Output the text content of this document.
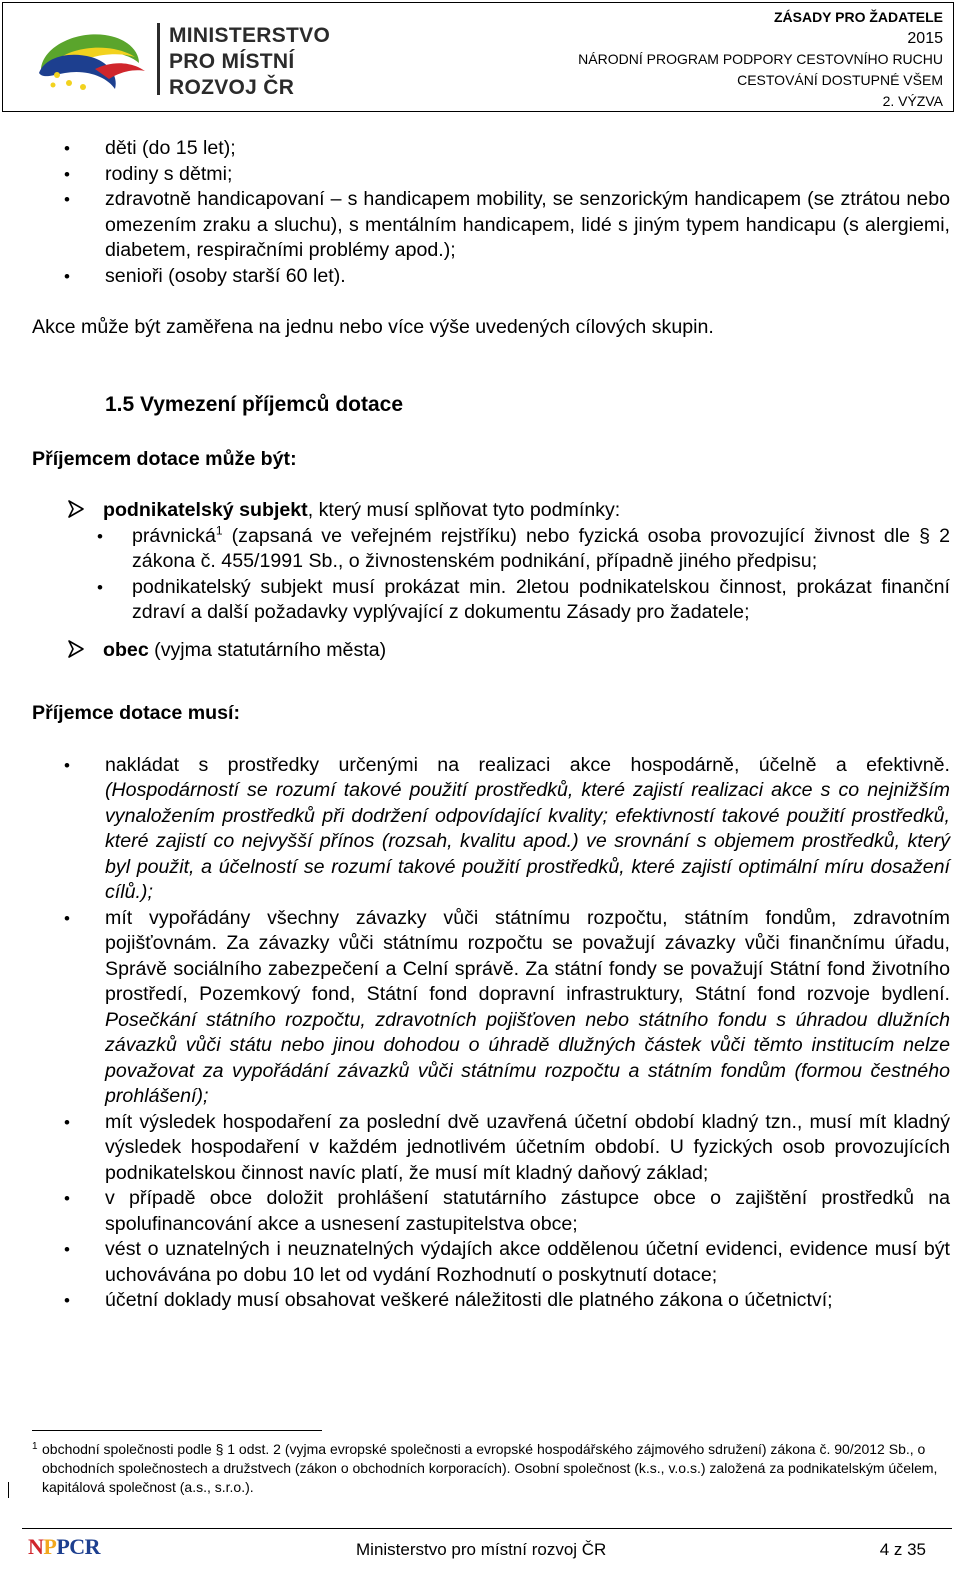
MINISTERSTVO
PRO MÍSTNÍ
ROZVOJ ČR
ZÁSADY PRO ŽADATELE
2015
NÁRODNÍ PROGRAM PODPORY CESTOVNÍHO RUCHU
CESTOVÁNÍ DOSTUPNÉ VŠEM
2. VÝZVA
• děti (do 15 let);
• rodiny s dětmi;
• zdravotně handicapovaní – s handicapem mobility, se senzorickým handicapem (se ztrátou nebo omezením zraku a sluchu), s mentálním handicapem, lidé s jiným typem handicapu (s alergiemi, diabetem, respiračními problémy apod.);
• senioři (osoby starší 60 let).

Akce může být zaměřena na jednu nebo více výše uvedených cílových skupin.

1.5 Vymezení příjemců dotace

Příjemcem dotace může být:

podnikatelský subjekt, který musí splňovat tyto podmínky:
• právnická$^1$ (zapsaná ve veřejném rejstříku) nebo fyzická osoba provozující živnost dle § 2 zákona č. 455/1991 Sb., o živnostenském podnikání, případně jiného předpisu;
• podnikatelský subjekt musí prokázat min. 2letou podnikatelskou činnost, prokázat finanční zdraví a další požadavky vyplývající z dokumentu Zásady pro žadatele;
obec (vyjma statutárního města)

Příjemce dotace musí:

• nakládat s prostředky určenými na realizaci akce hospodárně, účelně a efektivně. (Hospodárností se rozumí takové použití prostředků, které zajistí realizaci akce s co nejnižším vynaložením prostředků při dodržení odpovídající kvality; efektivností takové použití prostředků, které zajistí co nejvyšší přínos (rozsah, kvalitu apod.) ve srovnání s objemem prostředků, který byl použit, a účelností se rozumí takové použití prostředků, které zajistí optimální míru dosažení cílů.);
• mít vypořádány všechny závazky vůči státnímu rozpočtu, státním fondům, zdravotním pojišťovnám. Za závazky vůči státnímu rozpočtu se považují závazky vůči finančnímu úřadu, Správě sociálního zabezpečení a Celní správě. Za státní fondy se považují Státní fond životního prostředí, Pozemkový fond, Státní fond dopravní infrastruktury, Státní fond rozvoje bydlení. Posečkání státního rozpočtu, zdravotních pojišťoven nebo státního fondu s úhradou dlužních závazků vůči státu nebo jinou dohodou o úhradě dlužných částek vůči těmto institucím nelze považovat za vypořádání závazků vůči státnímu rozpočtu a státním fondům (formou čestného prohlášení);
• mít výsledek hospodaření za poslední dvě uzavřená účetní období kladný tzn., musí mít kladný výsledek hospodaření v každém jednotlivém účetním období. U fyzických osob provozujících podnikatelskou činnost navíc platí, že musí mít kladný daňový základ;
• v případě obce doložit prohlášení statutárního zástupce obce o zajištění prostředků na spolufinancování akce a usnesení zastupitelstva obce;
• vést o uznatelných i neuznatelných výdajích akce oddělenou účetní evidenci, evidence musí být uchovávána po dobu 10 let od vydání Rozhodnutí o poskytnutí dotace;
• účetní doklady musí obsahovat veškeré náležitosti dle platného zákona o účetnictví;
1 obchodní společnosti podle § 1 odst. 2 (vyjma evropské společnosti a evropské hospodářského zájmového sdružení) zákona č. 90/2012 Sb., o obchodních společnostech a družstvech (zákon o obchodních korporacích). Osobní společnost (k.s., v.o.s.) založená za podnikatelským účelem, kapitálová společnost (a.s., s.r.o.).
NPPCR	Ministerstvo pro místní rozvoj ČR	4 z 35
